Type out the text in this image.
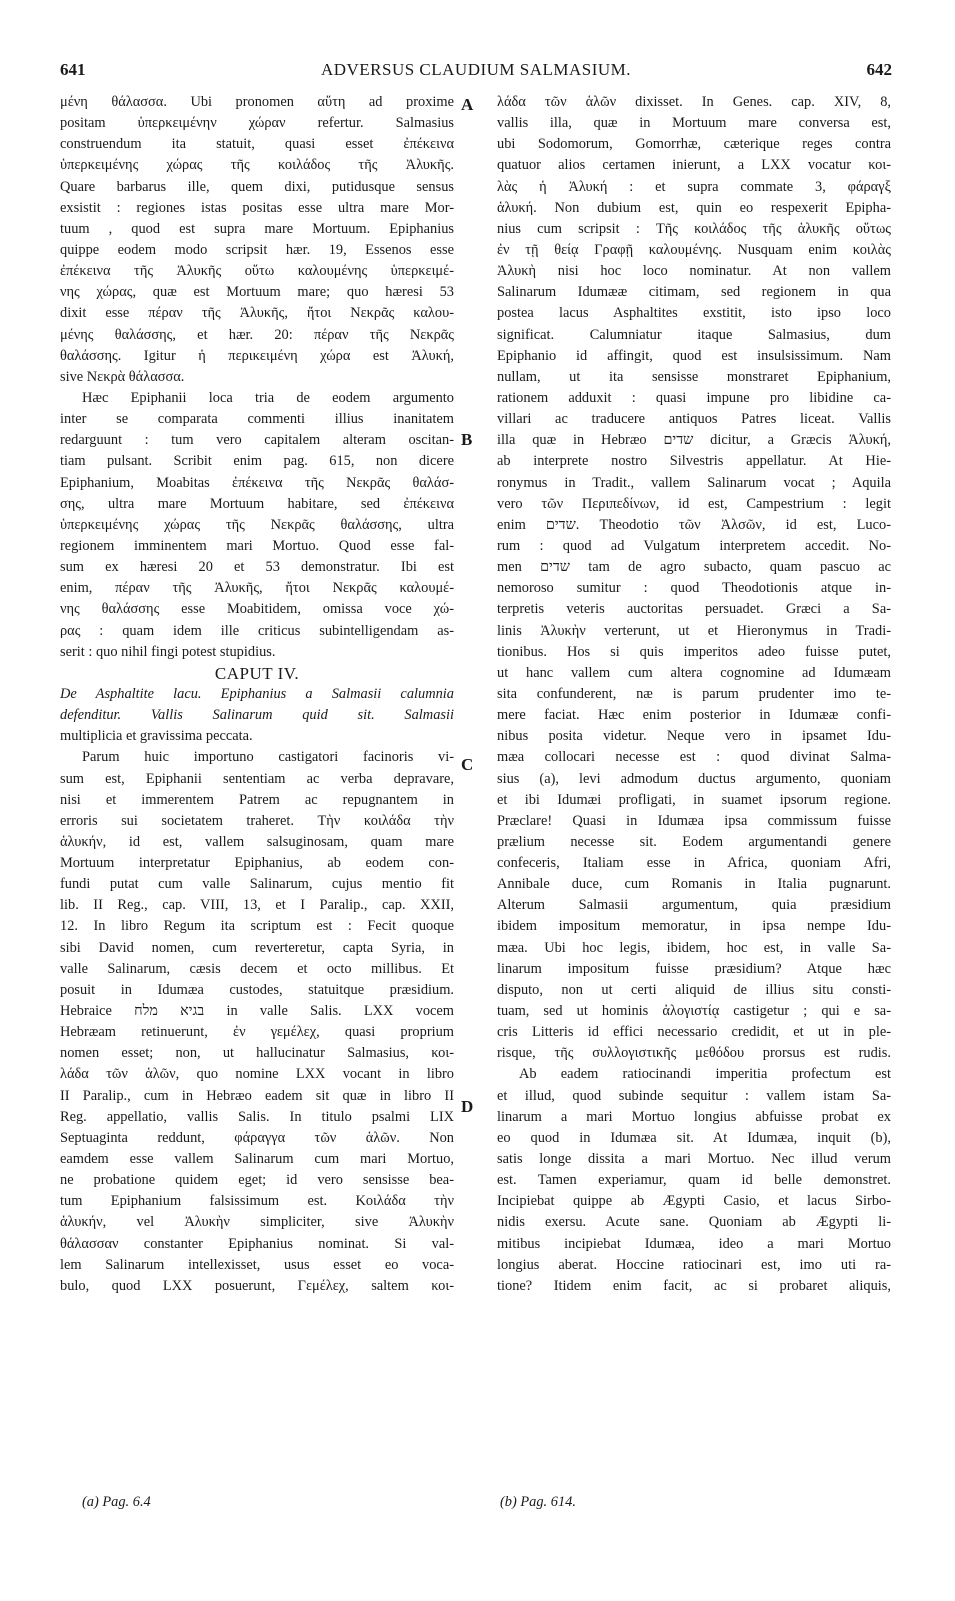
641	ADVERSUS CLAUDIUM SALMASIUM.	642
μένη θάλασσα. Ubi pronomen αὕτη ad proxime
positam ὑπερκειμένην χώραν refertur. Salmasius
construendum ita statuit, quasi esset ἐπέκεινα
ὑπερκειμένης χώρας τῆς κοιλάδος τῆς Ἀλυκῆς.
Quare barbarus ille, quem dixi, putidusque sensus
exsistit : regiones istas positas esse ultra mare Mor-
tuum , quod est supra mare Mortuum. Epiphanius
quippe eodem modo scripsit hær. 19, Essenos esse
ἐπέκεινα τῆς Ἀλυκῆς οὕτω καλουμένης ὑπερκειμέ-
νης χώρας, quæ est Mortuum mare; quo hæresi 53
dixit esse πέραν τῆς Ἀλυκῆς, ἤτοι Νεκρᾶς καλου-
μένης θαλάσσης, et hær. 20: πέραν τῆς Νεκρᾶς
θαλάσσης. Igitur ἡ περικειμένη χώρα est Ἀλυκή,
sive Νεκρὰ θάλασσα.
Hæc Epiphanii loca tria de eodem argumento
inter se comparata commenti illius inanitatem
redarguunt : tum vero capitalem alteram oscitan-
tiam pulsant. Scribit enim pag. 615, non dicere
Epiphanium, Moabitas ἐπέκεινα τῆς Νεκρᾶς θαλάσ-
σης, ultra mare Mortuum habitare, sed ἐπέκεινα
ὑπερκειμένης χώρας τῆς Νεκρᾶς θαλάσσης, ultra
regionem imminentem mari Mortuo. Quod esse fal-
sum ex hæresi 20 et 53 demonstratur. Ibi est
enim, πέραν τῆς Ἀλυκῆς, ἤτοι Νεκρᾶς καλουμέ-
νης θαλάσσης esse Moabitidem, omissa voce χώ-
ρας : quam idem ille criticus subintelligendam as-
serit : quo nihil fingi potest stupidius.
CAPUT IV.
De Asphaltite lacu. Epiphanius a Salmasii calumnia
defenditur. Vallis Salinarum quid sit. Salmasii
multiplicia et gravissima peccata.
Parum huic importuno castigatori facinoris vi-
sum est, Epiphanii sententiam ac verba depravare,
nisi et immerentem Patrem ac repugnantem in
erroris sui societatem traheret. Τὴν κοιλάδα τὴν
ἁλυκήν, id est, vallem salsuginosam, quam mare
Mortuum interpretatur Epiphanius, ab eodem con-
fundi putat cum valle Salinarum, cujus mentio fit
lib. II Reg., cap. VIII, 13, et I Paralip., cap. XXII,
12. In libro Regum ita scriptum est : Fecit quoque
sibi David nomen, cum reverteretur, capta Syria, in
valle Salinarum, cæsis decem et octo millibus. Et
posuit in Idumæa custodes, statuitque præsidium.
Hebraice בגיא מלח in valle Salis. LXX vocem
Hebræam retinuerunt, ἐν γεμέλεχ, quasi proprium
nomen esset; non, ut hallucinatur Salmasius, κοι-
λάδα τῶν ἁλῶν, quo nomine LXX vocant in libro
II Paralip., cum in Hebræo eadem sit quæ in libro II
Reg. appellatio, vallis Salis. In titulo psalmi LIX
Septuaginta reddunt, φάραγγα τῶν ἁλῶν. Non
eamdem esse vallem Salinarum cum mari Mortuo,
ne probatione quidem eget; id vero sensisse bea-
tum Epiphanium falsissimum est. Κοιλάδα τὴν
ἁλυκήν, vel Ἀλυκὴν simpliciter, sive Ἀλυκὴν
θάλασσαν constanter Epiphanius nominat. Si val-
lem Salinarum intellexisset, usus esset eo voca-
bulo, quod LXX posuerunt, Γεμέλεχ, saltem κοι-
λάδα τῶν ἁλῶν dixisset. In Genes. cap. XIV, 8,
vallis illa, quæ in Mortuum mare conversa est,
ubi Sodomorum, Gomorrhæ, cæterique reges contra
quatuor alios certamen inierunt, a LXX vocatur κοι-
λὰς ἡ Ἀλυκή : et supra commate 3, φάραγξ
ἁλυκή. Non dubium est, quin eo respexerit Epipha-
nius cum scripsit : Τῆς κοιλάδος τῆς ἁλυκῆς οὕτως
ἐν τῇ θείᾳ Γραφῇ καλουμένης. Nusquam enim κοιλὰς
Ἀλυκὴ nisi hoc loco nominatur. At non vallem
Salinarum Idumææ citimam, sed regionem in qua
postea lacus Asphaltites exstitit, isto ipso loco
significat. Calumniatur itaque Salmasius, dum
Epiphanio id affingit, quod est insulsissimum. Nam
nullam, ut ita sensisse monstraret Epiphanium,
rationem adduxit : quasi impune pro libidine ca-
villari ac traducere antiquos Patres liceat. Vallis
illa quæ in Hebræo שדים dicitur, a Græcis Ἀλυκή,
ab interprete nostro Silvestris appellatur. At Hie-
ronymus in Tradit., vallem Salinarum vocat ; Aquila
vero τῶν Περιπεδίνων, id est, Campestrium : legit
enim שדים. Theodotio τῶν Ἀλσῶν, id est, Luco-
rum : quod ad Vulgatum interpretem accedit. No-
men שדים tam de agro subacto, quam pascuo ac
nemoroso sumitur : quod Theodotionis atque in-
terpretis veteris auctoritas persuadet. Græci a Sa-
linis Ἀλυκὴν verterunt, ut et Hieronymus in Tradi-
tionibus. Hos si quis imperitos adeo fuisse putet,
ut hanc vallem cum altera cognomine ad Idumæam
sita confunderent, næ is parum prudenter imo te-
mere faciat. Hæc enim posterior in Idumææ confi-
nibus posita videtur. Neque vero in ipsamet Idu-
mæa collocari necesse est : quod divinat Salma-
sius (a), levi admodum ductus argumento, quoniam
et ibi Idumæi profligati, in suamet ipsorum regione.
Præclare! Quasi in Idumæa ipsa commissum fuisse
prælium necesse sit. Eodem argumentandi genere
confeceris, Italiam esse in Africa, quoniam Afri,
Annibale duce, cum Romanis in Italia pugnarunt.
Alterum Salmasii argumentum, quia præsidium
ibidem impositum memoratur, in ipsa nempe Idu-
mæa. Ubi hoc legis, ibidem, hoc est, in valle Sa-
linarum impositum fuisse præsidium? Atque hæc
disputo, non ut certi aliquid de illius situ consti-
tuam, sed ut hominis ἀλογιστίᾳ castigetur ; qui e sa-
cris Litteris id effici necessario credidit, et ut in ple-
risque, τῆς συλλογιστικῆς μεθόδου prorsus est rudis.
Ab eadem ratiocinandi imperitia profectum est
et illud, quod subinde sequitur : vallem istam Sa-
linarum a mari Mortuo longius abfuisse probat ex
eo quod in Idumæa sit. At Idumæa, inquit (b),
satis longe dissita a mari Mortuo. Nec illud verum
est. Tamen experiamur, quam id belle demonstret.
Incipiebat quippe ab Ægypti Casio, et lacus Sirbo-
nidis exersu. Acute sane. Quoniam ab Ægypti li-
mitibus incipiebat Idumæa, ideo a mari Mortuo
longius aberat. Hoccine ratiocinari est, imo uti ra-
tione? Itidem enim facit, ac si probaret aliquis,
A
B
C
D
(a) Pag. 6.4	(b) Pag. 614.
